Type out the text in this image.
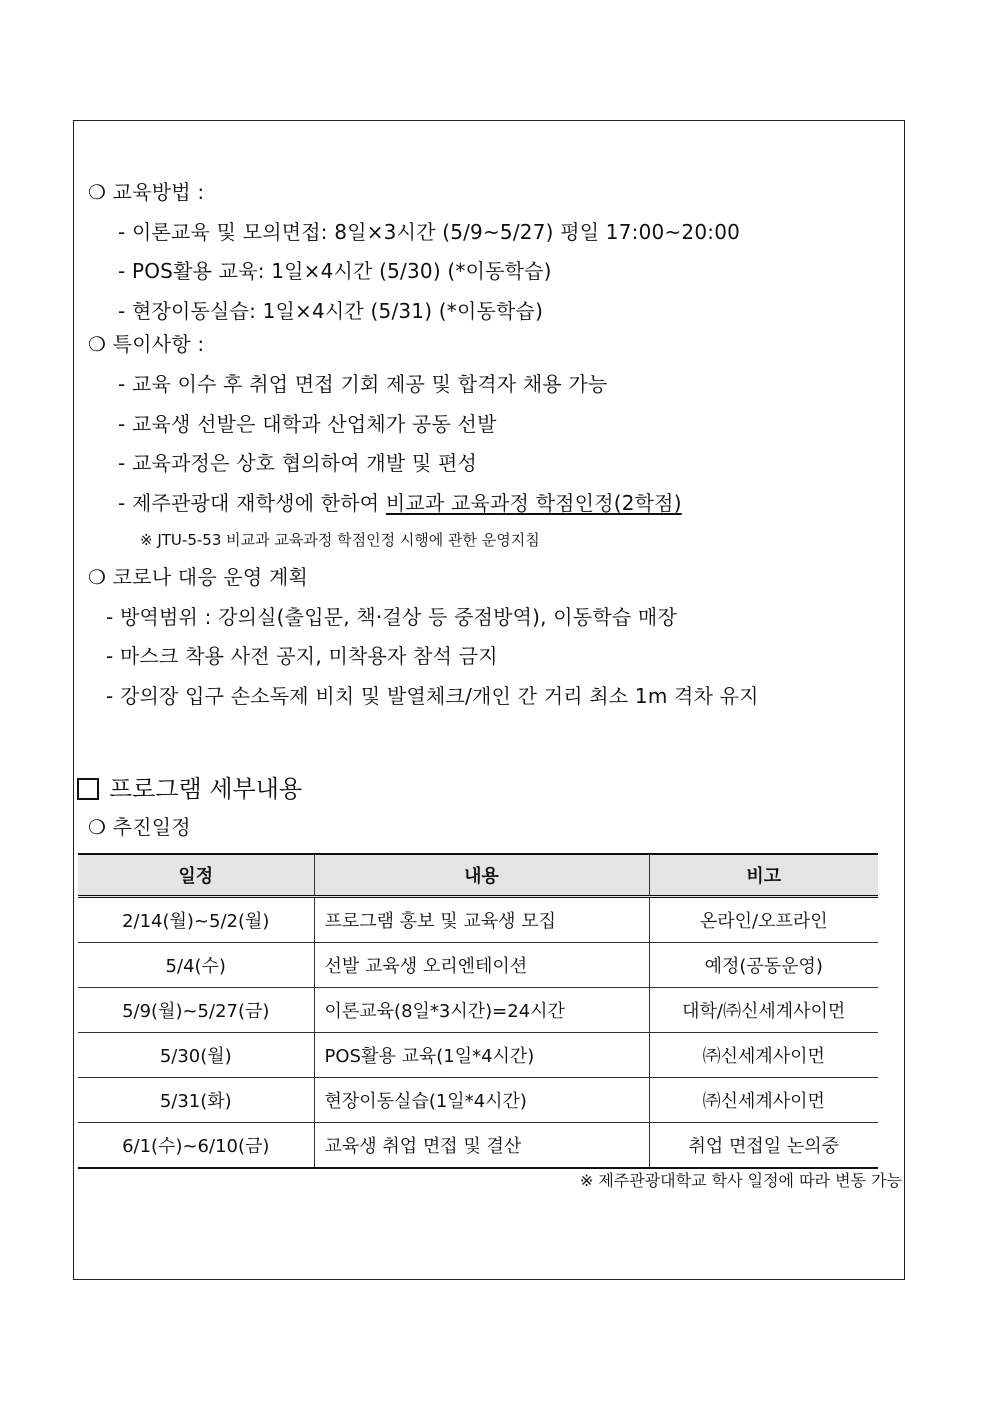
❍ 교육방법 :
- 이론교육 및 모의면접: 8일×3시간 (5/9~5/27) 평일 17:00~20:00
- POS활용 교육: 1일×4시간 (5/30) (*이동학습)
- 현장이동실습: 1일×4시간 (5/31) (*이동학습)
❍ 특이사항 :
- 교육 이수 후 취업 면접 기회 제공 및 합격자 채용 가능
- 교육생 선발은 대학과 산업체가 공동 선발
- 교육과정은 상호 협의하여 개발 및 편성
- 제주관광대 재학생에 한하여 비교과 교육과정 학점인정(2학점)
※ JTU-5-53 비교과 교육과정 학점인정 시행에 관한 운영지침
❍ 코로나 대응 운영 계획
- 방역범위 : 강의실(출입문, 책·걸상 등 중점방역), 이동학습 매장
- 마스크 착용 사전 공지, 미착용자 참석 금지
- 강의장 입구 손소독제 비치 및 발열체크/개인 간 거리 최소 1m 격차 유지
프로그램 세부내용
❍ 추진일정
일정	내용	비고
2/14(월)~5/2(월)	프로그램 홍보 및 교육생 모집	온라인/오프라인
5/4(수)	선발 교육생 오리엔테이션	예정(공동운영)
5/9(월)~5/27(금)	이론교육(8일*3시간)=24시간	대학/㈜신세계사이먼
5/30(월)	POS활용 교육(1일*4시간)	㈜신세계사이먼
5/31(화)	현장이동실습(1일*4시간)	㈜신세계사이먼
6/1(수)~6/10(금)	교육생 취업 면접 및 결산	취업 면접일 논의중
※ 제주관광대학교 학사 일정에 따라 변동 가능
